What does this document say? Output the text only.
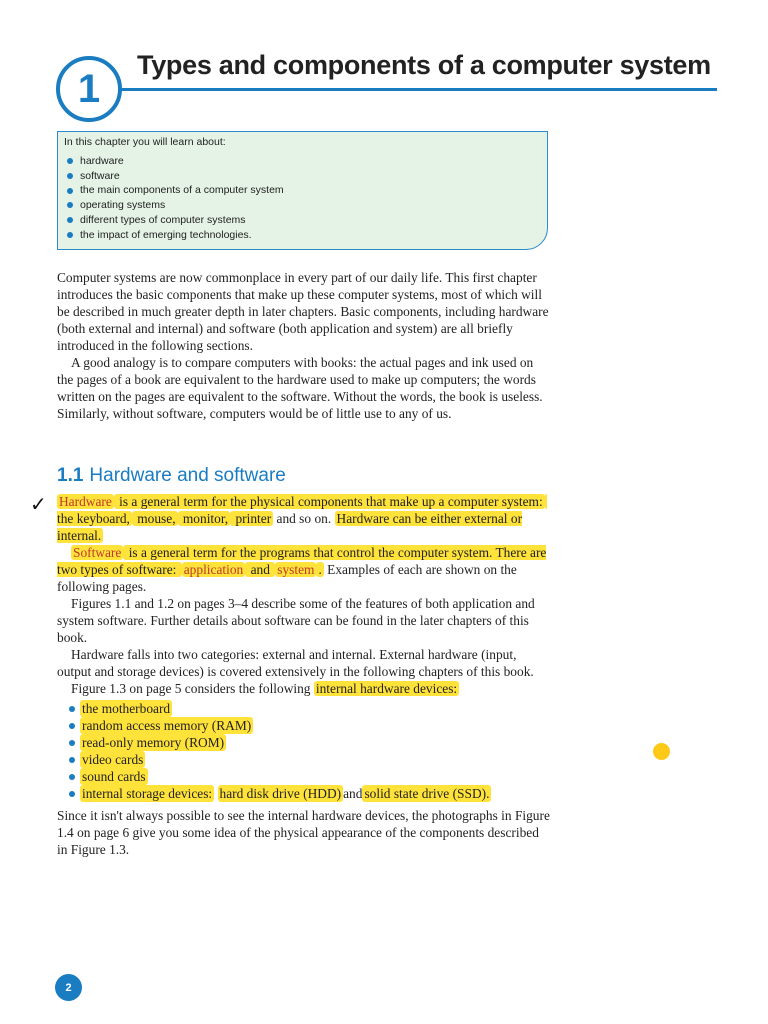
1
Types and components of a computer system

In this chapter you will learn about:

hardware
software
the main components of a computer system
operating systems
different types of computer systems
the impact of emerging technologies.

Computer systems are now commonplace in every part of our daily life. This first chapter introduces the basic components that make up these computer systems, most of which will be described in much greater depth in later chapters. Basic components, including hardware (both external and internal) and software (both application and system) are all briefly introduced in the following sections.

A good analogy is to compare computers with books: the actual pages and ink used on the pages of a book are equivalent to the hardware used to make up computers; the words written on the pages are equivalent to the software. Without the words, the book is useless. Similarly, without software, computers would be of little use to any of us.

1.1 Hardware and software
✓ Hardware is a general term for the physical components that make up a computer system: the keyboard, mouse, monitor, printer and so on. Hardware can be either external or internal.

Software is a general term for the programs that control the computer system. There are two types of software: application and system . Examples of each are shown on the following pages.

Figures 1.1 and 1.2 on pages 3–4 describe some of the features of both application and system software. Further details about software can be found in the later chapters of this book.

Hardware falls into two categories: external and internal. External hardware (input, output and storage devices) is covered extensively in the following chapters of this book.

Figure 1.3 on page 5 considers the following internal hardware devices:

the motherboard
random access memory (RAM)
read-only memory (ROM)
video cards
sound cards
internal storage devices:
hard disk drive (HDD) and solid state drive (SSD).

Since it isn't always possible to see the internal hardware devices, the photographs in Figure 1.4 on page 6 give you some idea of the physical appearance of the components described in Figure 1.3.

2
